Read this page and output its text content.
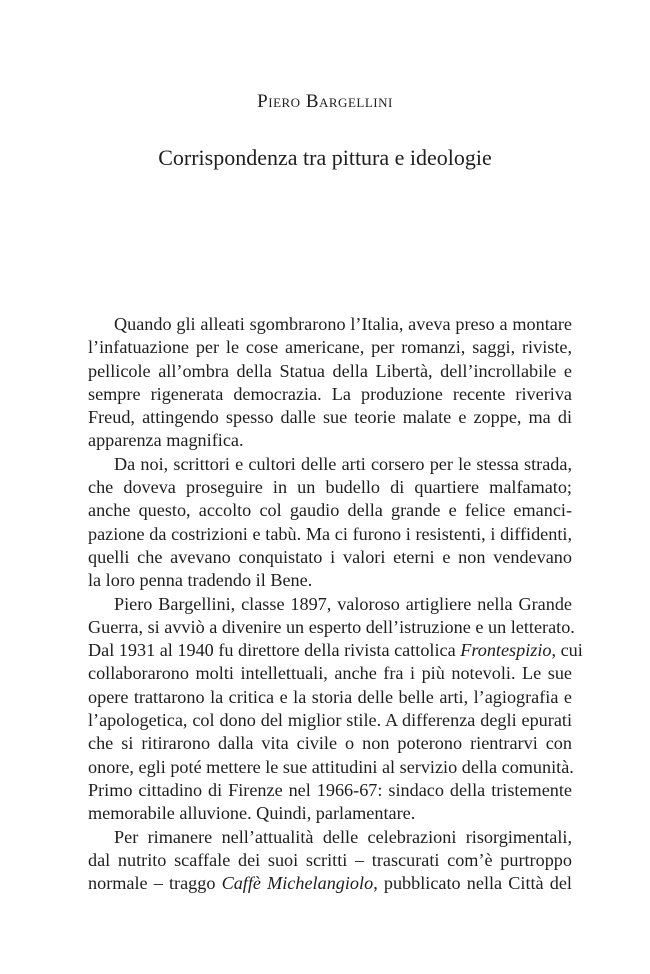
Piero Bargellini
Corrispondenza tra pittura e ideologie
Quando gli alleati sgombrarono l’Italia, aveva preso a montare
l’infatuazione per le cose americane, per romanzi, saggi, riviste,
pellicole all’ombra della Statua della Libertà, dell’incrollabile e
sempre rigenerata democrazia. La produzione recente riveriva
Freud, attingendo spesso dalle sue teorie malate e zoppe, ma di
apparenza magnifica.
Da noi, scrittori e cultori delle arti corsero per le stessa strada,
che doveva proseguire in un budello di quartiere malfamato;
anche questo, accolto col gaudio della grande e felice emanci-
pazione da costrizioni e tabù. Ma ci furono i resistenti, i diffidenti,
quelli che avevano conquistato i valori eterni e non vendevano
la loro penna tradendo il Bene.
Piero Bargellini, classe 1897, valoroso artigliere nella Grande
Guerra, si avviò a divenire un esperto dell’istruzione e un letterato.
Dal 1931 al 1940 fu direttore della rivista cattolica Frontespizio, cui
collaborarono molti intellettuali, anche fra i più notevoli. Le sue
opere trattarono la critica e la storia delle belle arti, l’agiografia e
l’apologetica, col dono del miglior stile. A differenza degli epurati
che si ritirarono dalla vita civile o non poterono rientrarvi con
onore, egli poté mettere le sue attitudini al servizio della comunità.
Primo cittadino di Firenze nel 1966-67: sindaco della tristemente
memorabile alluvione. Quindi, parlamentare.
Per rimanere nell’attualità delle celebrazioni risorgimentali,
dal nutrito scaffale dei suoi scritti – trascurati com’è purtroppo
normale – traggo Caffè Michelangiolo, pubblicato nella Città del
